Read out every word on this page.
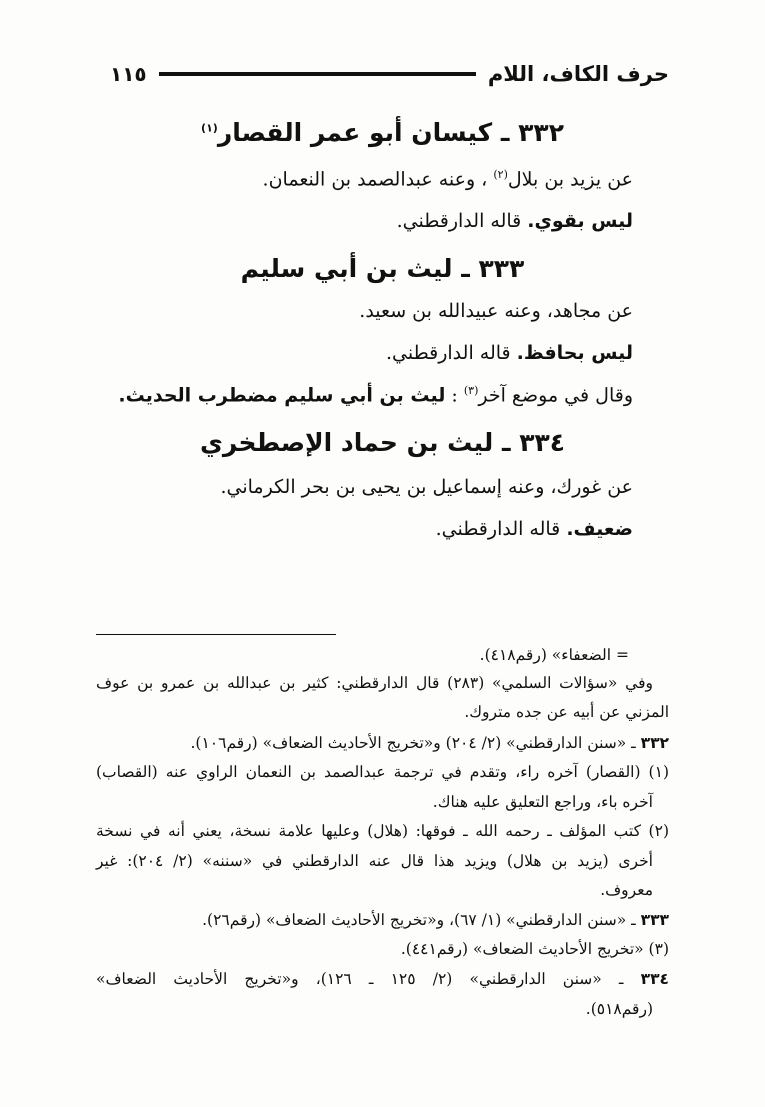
حرف الكاف، اللام
١١٥
٣٣٢ ـ كيسان أبو عمر القصار$^{(١)}$
عن يزيد بن بلال$^{(٢)}$ ، وعنه عبدالصمد بن النعمان.
ليس بقوي. قاله الدارقطني.
٣٣٣ ـ ليث بن أبي سليم
عن مجاهد، وعنه عبيدالله بن سعيد.
ليس بحافظ. قاله الدارقطني.
وقال في موضع آخر$^{(٣)}$ : ليث بن أبي سليم مضطرب الحديث.
٣٣٤ ـ ليث بن حماد الإصطخري
عن غورك، وعنه إسماعيل بن يحيى بن بحر الكرماني.
ضعيف. قاله الدارقطني.
= الضعفاء» (رقم٤١٨).
وفي «سؤالات السلمي» (٢٨٣) قال الدارقطني: كثير بن عبدالله بن عمرو بن عوف
المزني عن أبيه عن جده متروك.
٣٣٢ ـ «سنن الدارقطني» (٢/ ٢٠٤) و«تخريج الأحاديث الضعاف» (رقم١٠٦).
(١) (القصار) آخره راء، وتقدم في ترجمة عبدالصمد بن النعمان الراوي عنه (القصاب)
آخره باء، وراجع التعليق عليه هناك.
(٢) كتب المؤلف ـ رحمه الله ـ فوقها: (هلال) وعليها علامة نسخة، يعني أنه في نسخة
أخرى (يزيد بن هلال) ويزيد هذا قال عنه الدارقطني في «سننه» (٢/ ٢٠٤): غير
معروف.
٣٣٣ ـ «سنن الدارقطني» (١/ ٦٧)، و«تخريج الأحاديث الضعاف» (رقم٢٦).
(٣) «تخريج الأحاديث الضعاف» (رقم٤٤١).
٣٣٤ ـ «سنن الدارقطني» (٢/ ١٢٥ ـ ١٢٦)، و«تخريج الأحاديث الضعاف»
(رقم٥١٨).
